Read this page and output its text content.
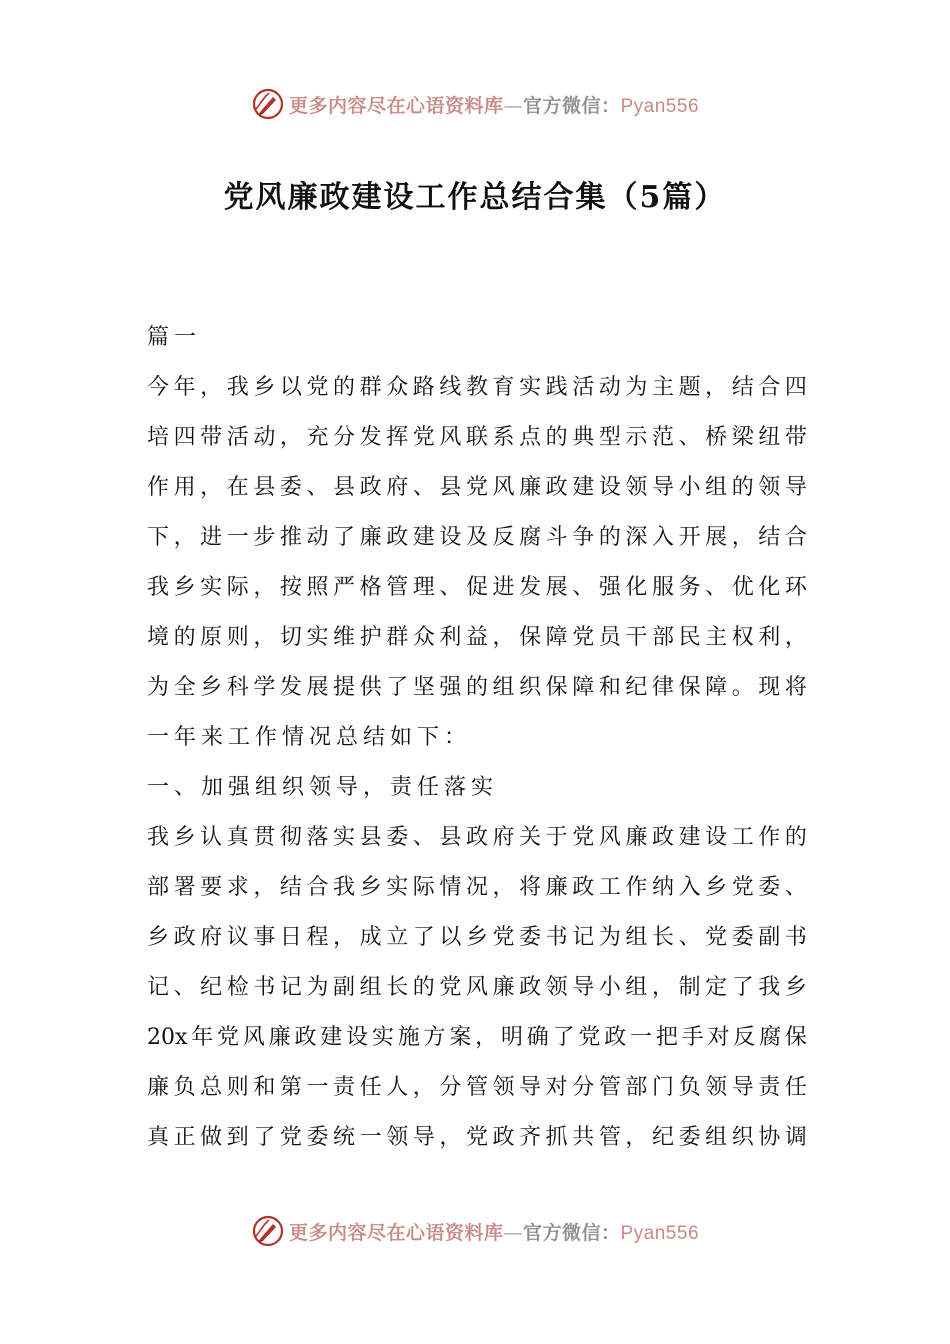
更多内容尽在心语资料库—官方微信：Pyan556
党风廉政建设工作总结合集（5篇）
篇一
今 年 ， 我 乡 以 党 的 群 众 路 线 教 育 实 践 活 动 为 主 题 ， 结 合 四
培 四 带 活 动 ， 充 分 发 挥 党 风 联 系 点 的 典 型 示 范 、 桥 梁 纽 带
作 用 ， 在 县 委 、 县 政 府 、 县 党 风 廉 政 建 设 领 导 小 组 的 领 导
下 ， 进 一 步 推 动 了 廉 政 建 设 及 反 腐 斗 争 的 深 入 开 展 ， 结 合
我 乡 实 际 ， 按 照 严 格 管 理 、 促 进 发 展 、 强 化 服 务 、 优 化 环
境 的 原 则 ， 切 实 维 护 群 众 利 益 ， 保 障 党 员 干 部 民 主 权 利 ，
为 全 乡 科 学 发 展 提 供 了 坚 强 的 组 织 保 障 和 纪 律 保 障 。 现 将
一年来工作情况总结如下：
一、加强组织领导，责任落实
我 乡 认 真 贯 彻 落 实 县 委 、 县 政 府 关 于 党 风 廉 政 建 设 工 作 的
部 署 要 求 ， 结 合 我 乡 实 际 情 况 ， 将 廉 政 工 作 纳 入 乡 党 委 、
乡 政 府 议 事 日 程 ， 成 立 了 以 乡 党 委 书 记 为 组 长 、 党 委 副 书
记 、 纪 检 书 记 为 副 组 长 的 党 风 廉 政 领 导 小 组 ， 制 定 了 我 乡
20x 年 党 风 廉 政 建 设 实 施 方 案 ， 明 确 了 党 政 一 把 手 对 反 腐 保
廉 负 总 则 和 第 一 责 任 人 ， 分 管 领 导 对 分 管 部 门 负 领 导 责 任
真 正 做 到 了 党 委 统 一 领 导 ， 党 政 齐 抓 共 管 ， 纪 委 组 织 协 调
更多内容尽在心语资料库—官方微信：Pyan556
